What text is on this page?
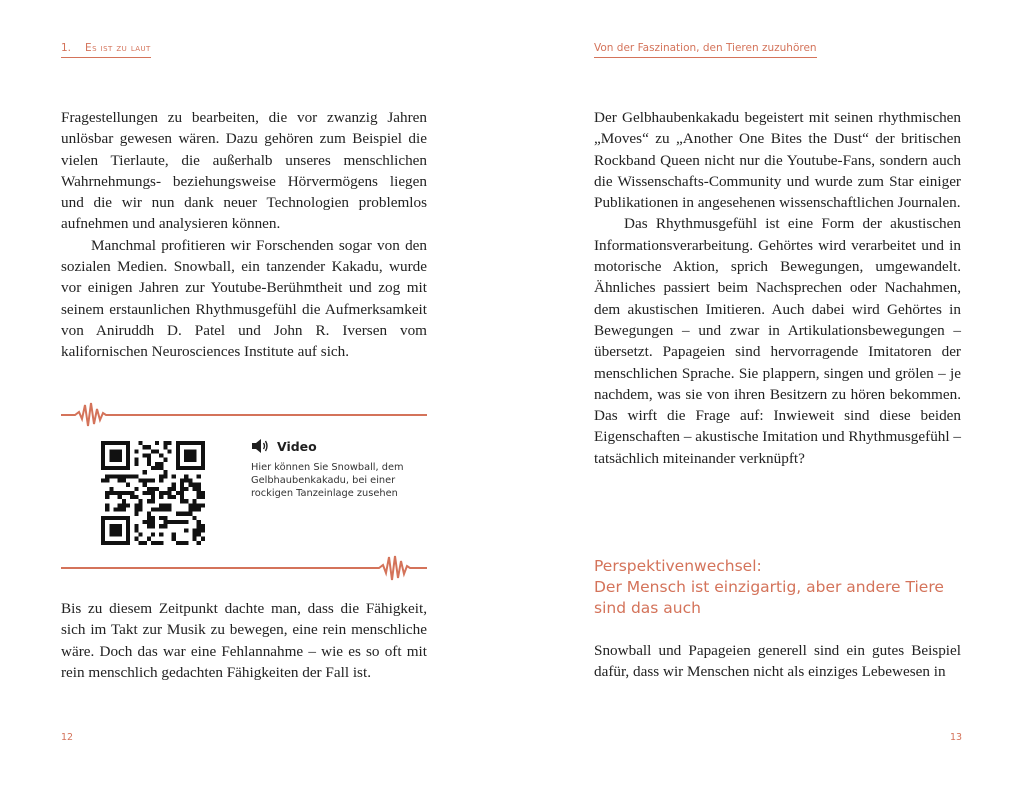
1. Es ist zu laut

Fragestellungen zu bearbeiten, die vor zwanzig Jahren unlösbar gewesen wären. Dazu gehören zum Beispiel die vielen Tierlaute, die außerhalb unseres menschlichen Wahrnehmungs- beziehungsweise Hörvermögens liegen und die wir nun dank neuer Technologien problemlos aufnehmen und analysieren können.

Manchmal profitieren wir Forschenden sogar von den sozialen Medien. Snowball, ein tanzender Kakadu, wurde vor einigen Jahren zur Youtube-Berühmtheit und zog mit seinem erstaunlichen Rhythmusgefühl die Aufmerksamkeit von Aniruddh D. Patel und John R. Iversen vom kalifornischen Neurosciences Institute auf sich.

Video
Hier können Sie Snowball, dem Gelbhaubenkakadu, bei einer rockigen Tanzeinlage zusehen

Bis zu diesem Zeitpunkt dachte man, dass die Fähigkeit, sich im Takt zur Musik zu bewegen, eine rein menschliche wäre. Doch das war eine Fehlannahme – wie es so oft mit rein menschlich gedachten Fähigkeiten der Fall ist.

12
Von der Faszination, den Tieren zuzuhören

Der Gelbhaubenkakadu begeistert mit seinen rhythmischen „Moves“ zu „Another One Bites the Dust“ der britischen Rockband Queen nicht nur die Youtube-Fans, sondern auch die Wissenschafts-Community und wurde zum Star einiger Publikationen in angesehenen wissenschaftlichen Journalen.

Das Rhythmusgefühl ist eine Form der akustischen Informationsverarbeitung. Gehörtes wird verarbeitet und in motorische Aktion, sprich Bewegungen, umgewandelt. Ähnliches passiert beim Nachsprechen oder Nachahmen, dem akustischen Imitieren. Auch dabei wird Gehörtes in Bewegungen – und zwar in Artikulationsbewegungen – übersetzt. Papageien sind hervorragende Imitatoren der menschlichen Sprache. Sie plappern, singen und grölen – je nachdem, was sie von ihren Besitzern zu hören bekommen. Das wirft die Frage auf: Inwieweit sind diese beiden Eigenschaften – akustische Imitation und Rhythmusgefühl – tatsächlich miteinander verknüpft?

Perspektivenwechsel:
Der Mensch ist einzigartig, aber andere Tiere sind das auch

Snowball und Papageien generell sind ein gutes Beispiel dafür, dass wir Menschen nicht als einziges Lebewesen in

13
